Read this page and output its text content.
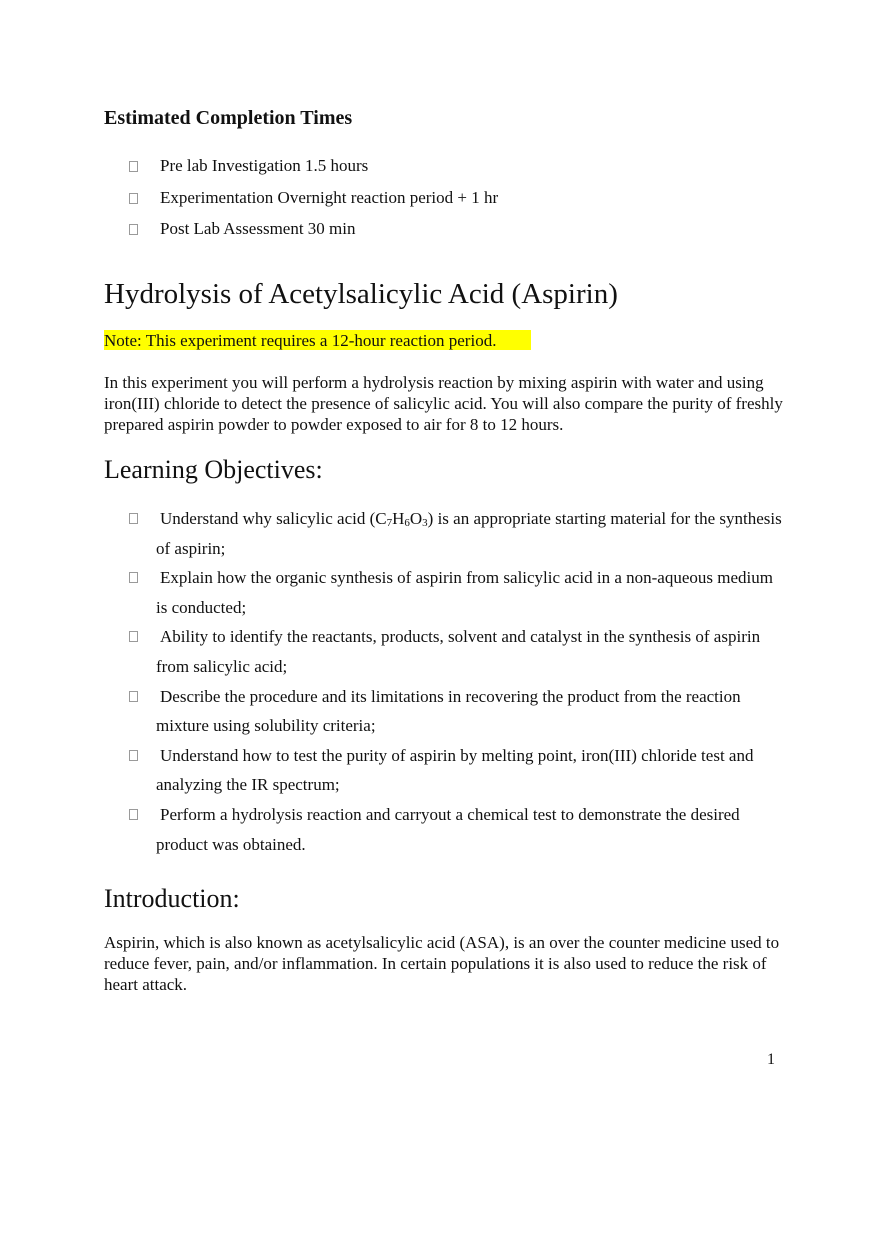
Estimated Completion Times
Pre lab Investigation 1.5 hours
Experimentation Overnight reaction period + 1 hr
Post Lab Assessment 30 min
Hydrolysis of Acetylsalicylic Acid (Aspirin)
Note: This experiment requires a 12-hour reaction period.

In this experiment you will perform a hydrolysis reaction by mixing aspirin with water and using iron(III) chloride to detect the presence of salicylic acid. You will also compare the purity of freshly prepared aspirin powder to powder exposed to air for 8 to 12 hours.

Learning Objectives:
Understand why salicylic acid $(C_7H_6O_3)$ is an appropriate starting material for the synthesis of aspirin;
Explain how the organic synthesis of aspirin from salicylic acid in a non-aqueous medium is conducted;
Ability to identify the reactants, products, solvent and catalyst in the synthesis of aspirin from salicylic acid;
Describe the procedure and its limitations in recovering the product from the reaction mixture using solubility criteria;
Understand how to test the purity of aspirin by melting point, iron(III) chloride test and analyzing the IR spectrum;
Perform a hydrolysis reaction and carryout a chemical test to demonstrate the desired product was obtained.
Introduction:

Aspirin, which is also known as acetylsalicylic acid (ASA), is an over the counter medicine used to reduce fever, pain, and/or inflammation. In certain populations it is also used to reduce the risk of heart attack.

1
